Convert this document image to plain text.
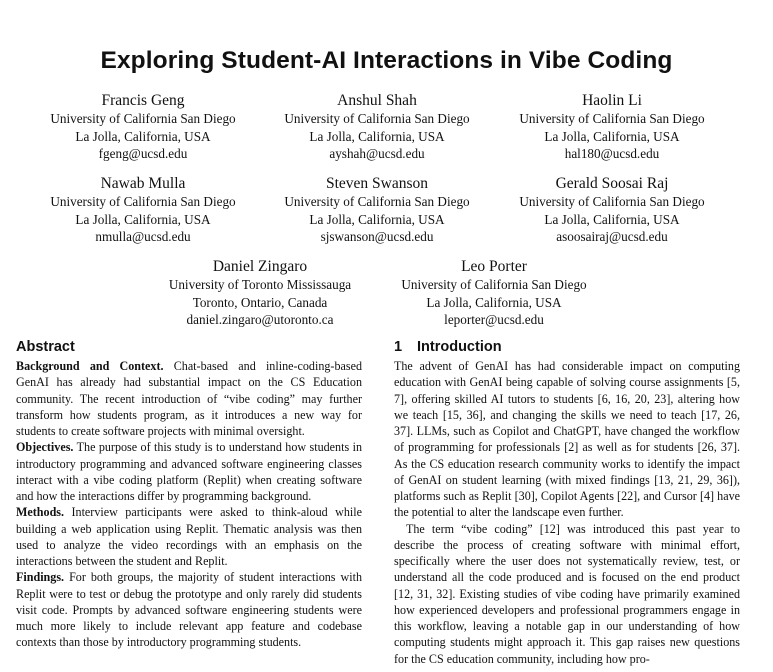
Exploring Student-AI Interactions in Vibe Coding
Francis Geng
University of California San Diego
La Jolla, California, USA
fgeng@ucsd.edu
Anshul Shah
University of California San Diego
La Jolla, California, USA
ayshah@ucsd.edu
Haolin Li
University of California San Diego
La Jolla, California, USA
hal180@ucsd.edu
Nawab Mulla
University of California San Diego
La Jolla, California, USA
nmulla@ucsd.edu
Steven Swanson
University of California San Diego
La Jolla, California, USA
sjswanson@ucsd.edu
Gerald Soosai Raj
University of California San Diego
La Jolla, California, USA
asoosairaj@ucsd.edu
Daniel Zingaro
University of Toronto Mississauga
Toronto, Ontario, Canada
daniel.zingaro@utoronto.ca
Leo Porter
University of California San Diego
La Jolla, California, USA
leporter@ucsd.edu
Abstract

Background and Context. Chat-based and inline-coding-based GenAI has already had substantial impact on the CS Education community. The recent introduction of “vibe coding” may further transform how students program, as it introduces a new way for students to create software projects with minimal oversight.

Objectives. The purpose of this study is to understand how students in introductory programming and advanced software engineering classes interact with a vibe coding platform (Replit) when creating software and how the interactions differ by programming background.

Methods. Interview participants were asked to think-aloud while building a web application using Replit. Thematic analysis was then used to analyze the video recordings with an emphasis on the interactions between the student and Replit.

Findings. For both groups, the majority of student interactions with Replit were to test or debug the prototype and only rarely did students visit code. Prompts by advanced software engineering students were much more likely to include relevant app feature and codebase contexts than those by introductory programming students.

1 Introduction

The advent of GenAI has had considerable impact on computing education with GenAI being capable of solving course assignments [5, 7], offering skilled AI tutors to students [6, 16, 20, 23], altering how we teach [15, 36], and changing the skills we need to teach [17, 26, 37]. LLMs, such as Copilot and ChatGPT, have changed the workflow of programming for professionals [2] as well as for students [26, 37]. As the CS education research community works to identify the impact of GenAI on student learning (with mixed findings [13, 21, 29, 36]), platforms such as Replit [30], Copilot Agents [22], and Cursor [4] have the potential to alter the landscape even further.

The term “vibe coding” [12] was introduced this past year to describe the process of creating software with minimal effort, specifically where the user does not systematically review, test, or understand all the code produced and is focused on the end product [12, 31, 32]. Existing studies of vibe coding have primarily examined how experienced developers and professional programmers engage in this workflow, leaving a notable gap in our understanding of how computing students might approach it. This gap raises new questions for the CS education community, including how pro-
